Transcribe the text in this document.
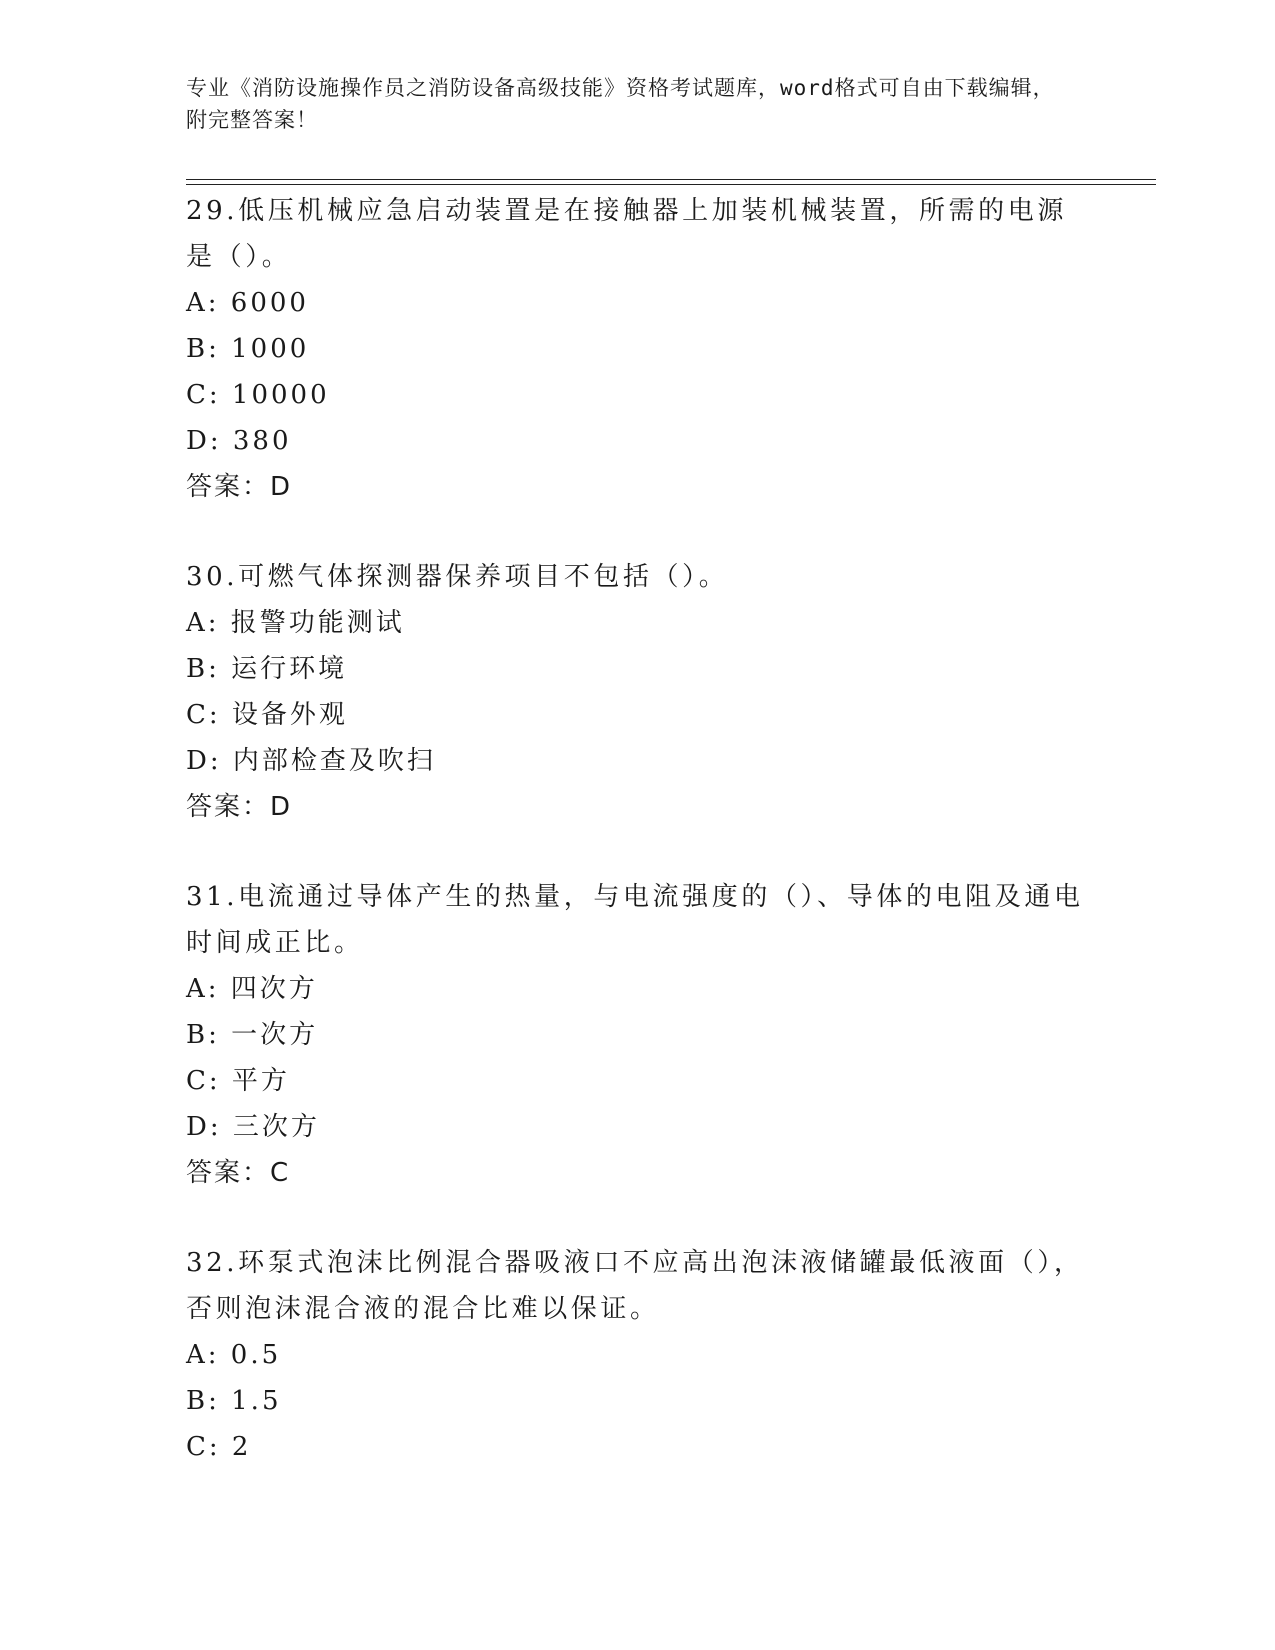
专业《消防设施操作员之消防设备高级技能》资格考试题库，word格式可自由下载编辑，附完整答案！

29.低压机械应急启动装置是在接触器上加装机械装置，所需的电源是（）。

A: 6000

B: 1000

C: 10000

D: 380

答案：D

30.可燃气体探测器保养项目不包括（）。

A: 报警功能测试

B: 运行环境

C: 设备外观

D: 内部检查及吹扫

答案：D

31.电流通过导体产生的热量，与电流强度的（）、导体的电阻及通电时间成正比。

A: 四次方

B: 一次方

C: 平方

D: 三次方

答案：C

32.环泵式泡沫比例混合器吸液口不应高出泡沫液储罐最低液面（），否则泡沫混合液的混合比难以保证。

A: 0.5

B: 1.5

C: 2
